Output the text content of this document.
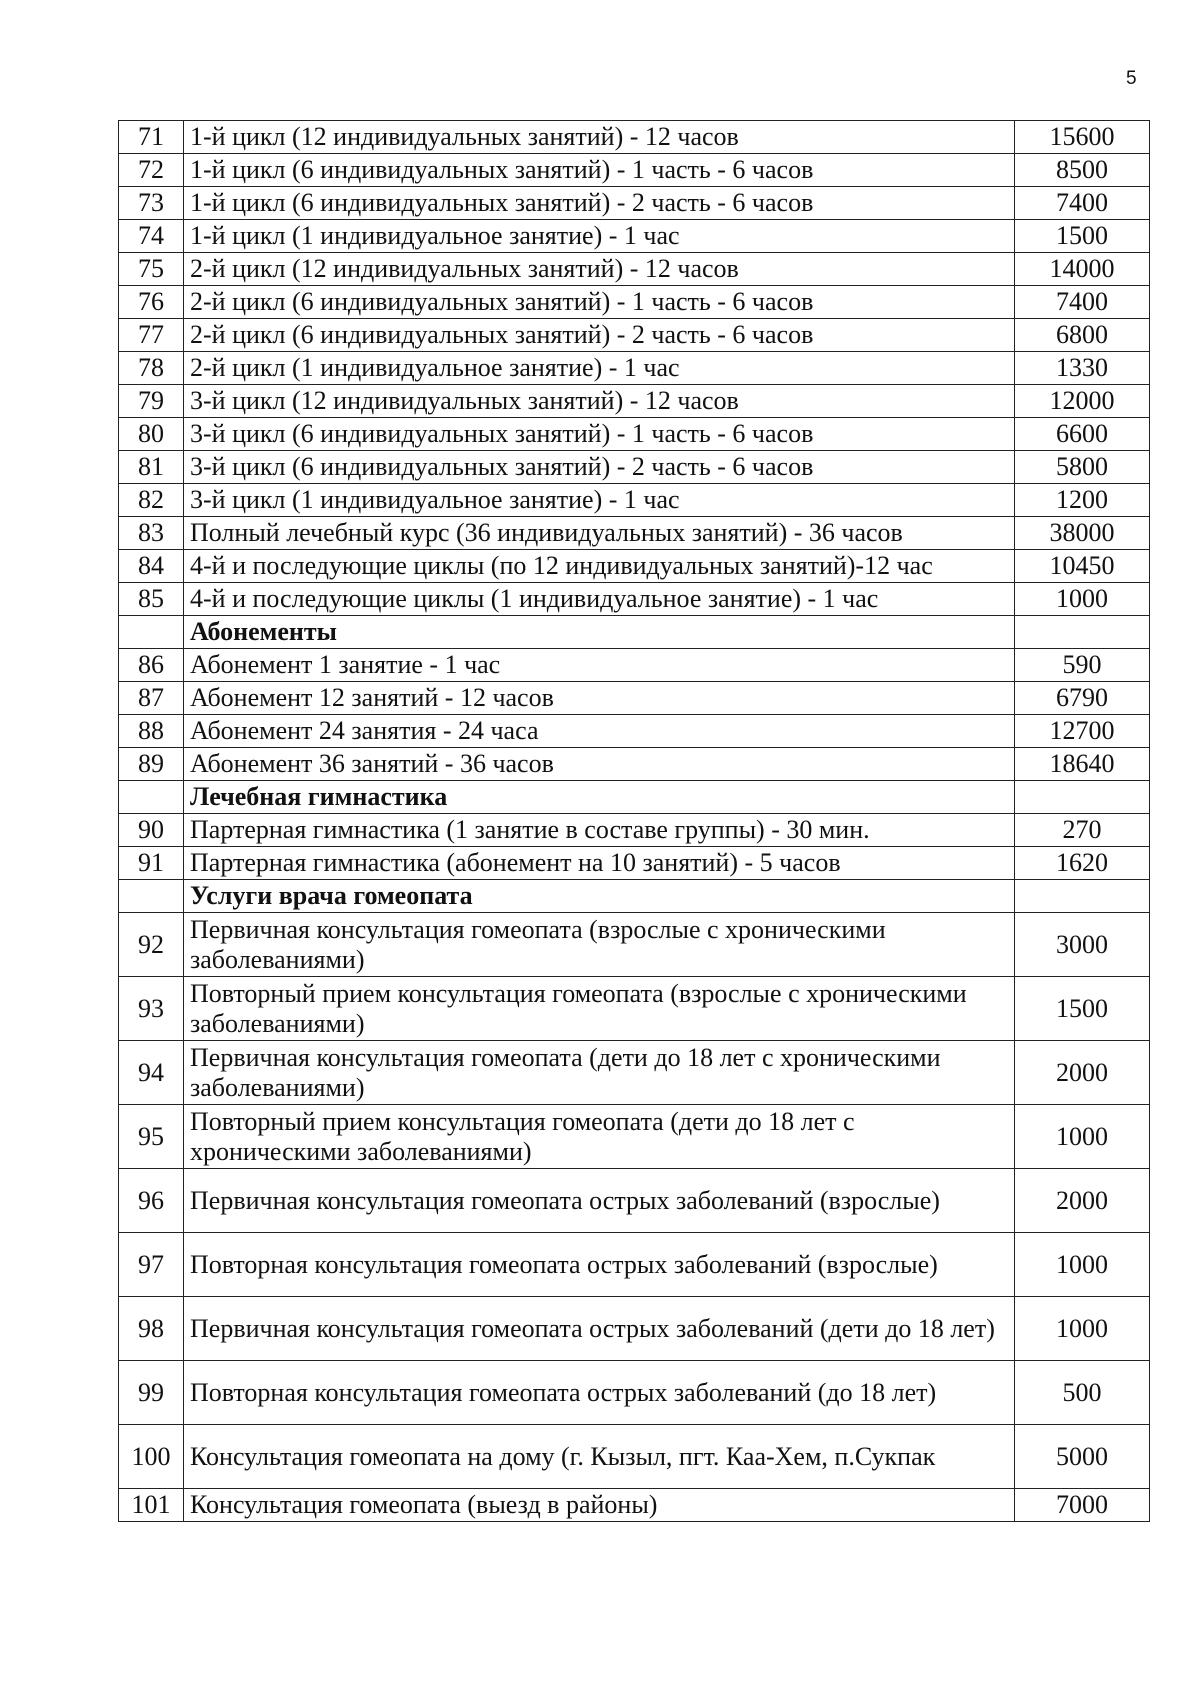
5
71	1-й цикл (12 индивидуальных занятий) - 12 часов	15600
72	1-й цикл (6 индивидуальных занятий) - 1 часть - 6 часов	8500
73	1-й цикл (6 индивидуальных занятий) - 2 часть - 6 часов	7400
74	1-й цикл (1 индивидуальное занятие) - 1 час	1500
75	2-й цикл (12 индивидуальных занятий) - 12 часов	14000
76	2-й цикл (6 индивидуальных занятий) - 1 часть - 6 часов	7400
77	2-й цикл (6 индивидуальных занятий) - 2 часть - 6 часов	6800
78	2-й цикл (1 индивидуальное занятие) - 1 час	1330
79	3-й цикл (12 индивидуальных занятий) - 12 часов	12000
80	3-й цикл (6 индивидуальных занятий) - 1 часть - 6 часов	6600
81	3-й цикл (6 индивидуальных занятий) - 2 часть - 6 часов	5800
82	3-й цикл (1 индивидуальное занятие) - 1 час	1200
83	Полный лечебный курс (36 индивидуальных занятий) - 36 часов	38000
84	4-й и последующие циклы (по 12 индивидуальных занятий)-12 час	10450
85	4-й и последующие циклы (1 индивидуальное занятие) - 1 час	1000
	Абонементы	
86	Абонемент 1 занятие - 1 час	590
87	Абонемент 12 занятий - 12 часов	6790
88	Абонемент 24 занятия - 24 часа	12700
89	Абонемент 36 занятий - 36 часов	18640
	Лечебная гимнастика	
90	Партерная гимнастика (1 занятие в составе группы) - 30 мин.	270
91	Партерная гимнастика (абонемент на 10 занятий) - 5 часов	1620
	Услуги врача гомеопата	
92	Первичная консультация гомеопата (взрослые с хроническими заболеваниями)	3000
93	Повторный прием консультация гомеопата (взрослые с хроническими заболеваниями)	1500
94	Первичная консультация гомеопата (дети до 18 лет с хроническими заболеваниями)	2000
95	Повторный прием консультация гомеопата (дети до 18 лет с хроническими заболеваниями)	1000
96	Первичная консультация гомеопата острых заболеваний (взрослые)	2000
97	Повторная консультация гомеопата острых заболеваний (взрослые)	1000
98	Первичная консультация гомеопата острых заболеваний (дети до 18 лет)	1000
99	Повторная консультация гомеопата острых заболеваний (до 18 лет)	500
100	Консультация гомеопата на дому (г. Кызыл, пгт. Каа-Хем, п.Сукпак	5000
101	Консультация гомеопата (выезд в районы)	7000
